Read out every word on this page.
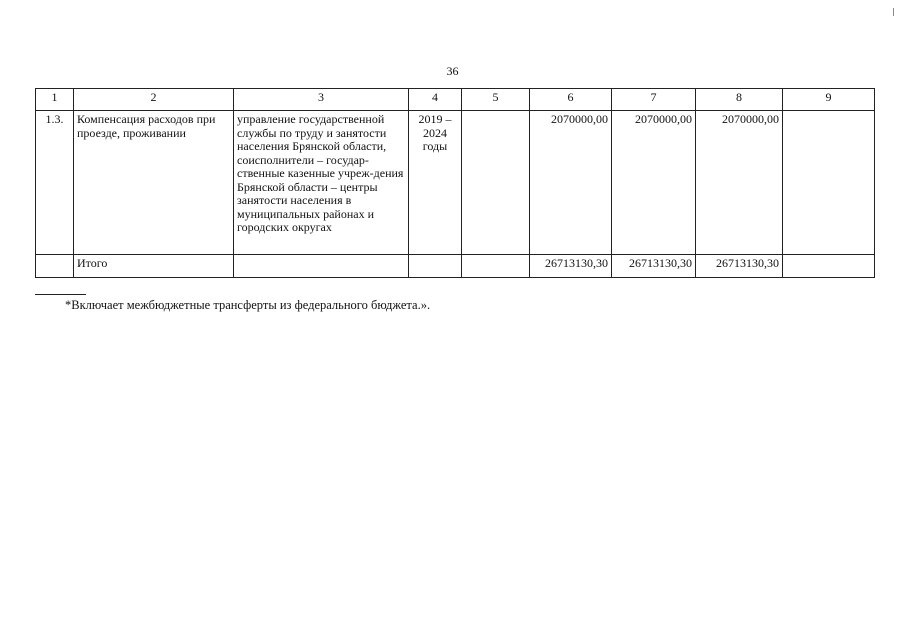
36
1	2	3	4	5	6	7	8	9
1.3.	Компенсация расходов при проезде, проживании	управление государственной службы по труду и занятости населения Брянской области, соисполнители – государ-ственные казенные учреж-дения Брянской области – центры занятости населения в муниципальных районах и городских округах	2019 – 2024 годы		2070000,00	2070000,00	2070000,00	
	Итого				26713130,30	26713130,30	26713130,30	
*Включает межбюджетные трансферты из федерального бюджета.».
